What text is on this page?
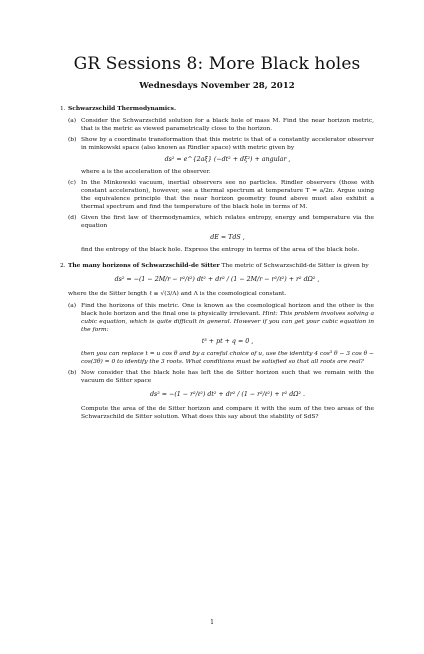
GR Sessions 8: More Black holes
Wednesdays November 28, 2012
1. Schwarzschild Thermodynamics.
(a) Consider the Schwarzschild solution for a black hole of mass M. Find the near horizon metric, that is the metric as viewed parametrically close to the horizon.
(b) Show by a coordinate transformation that this metric is that of a constantly accelerator observer in minkowski space (also known as Rindler space) with metric given by
ds² = e^{2aξ} (−dt² + dξ²) + angular ,
where a is the acceleration of the observer.
(c) In the Minkowski vacuum, inertial observers see no particles. Rindler observers (those with constant acceleration), however, see a thermal spectrum at temperature T = a/2π. Argue using the equivalence principle that the near horizon geometry found above must also exhibit a thermal spectrum and find the temperature of the black hole in terms of M.
(d) Given the first law of thermodynamics, which relates entropy, energy and temperature via the equation
dE = TdS ,
find the entropy of the black hole. Express the entropy in terms of the area of the black hole.
2. The many horizons of Schwarzschild-de Sitter The metric of Schwarzschild-de Sitter is given by
ds² = −(1 − 2M/r − r²/ℓ²) dt² + dr² / (1 − 2M/r − r²/ℓ²) + r² dΩ² ,
where the de Sitter length ℓ ≡ √(3/Λ) and Λ is the cosmological constant.
(a) Find the horizons of this metric. One is known as the cosmological horizon and the other is the black hole horizon and the final one is physically irrelevant. Hint: This problem involves solving a cubic equation, which is quite difficult in general. However if you can get your cubic equation in the form:
t³ + pt + q = 0 ,
then you can replace t = u cos θ and by a careful choice of u, use the identity 4 cos³ θ − 3 cos θ − cos(3θ) = 0 to identify the 3 roots. What conditions must be satisfied so that all roots are real?
(b) Now consider that the black hole has left the de Sitter horizon such that we remain with the vacuum de Sitter space
ds² = −(1 − r²/ℓ²) dt² + dr² / (1 − r²/ℓ²) + r² dΩ² .
Compute the area of the de Sitter horizon and compare it with the sum of the two areas of the Schwarzschild de Sitter solution. What does this say about the stability of SdS?
1
